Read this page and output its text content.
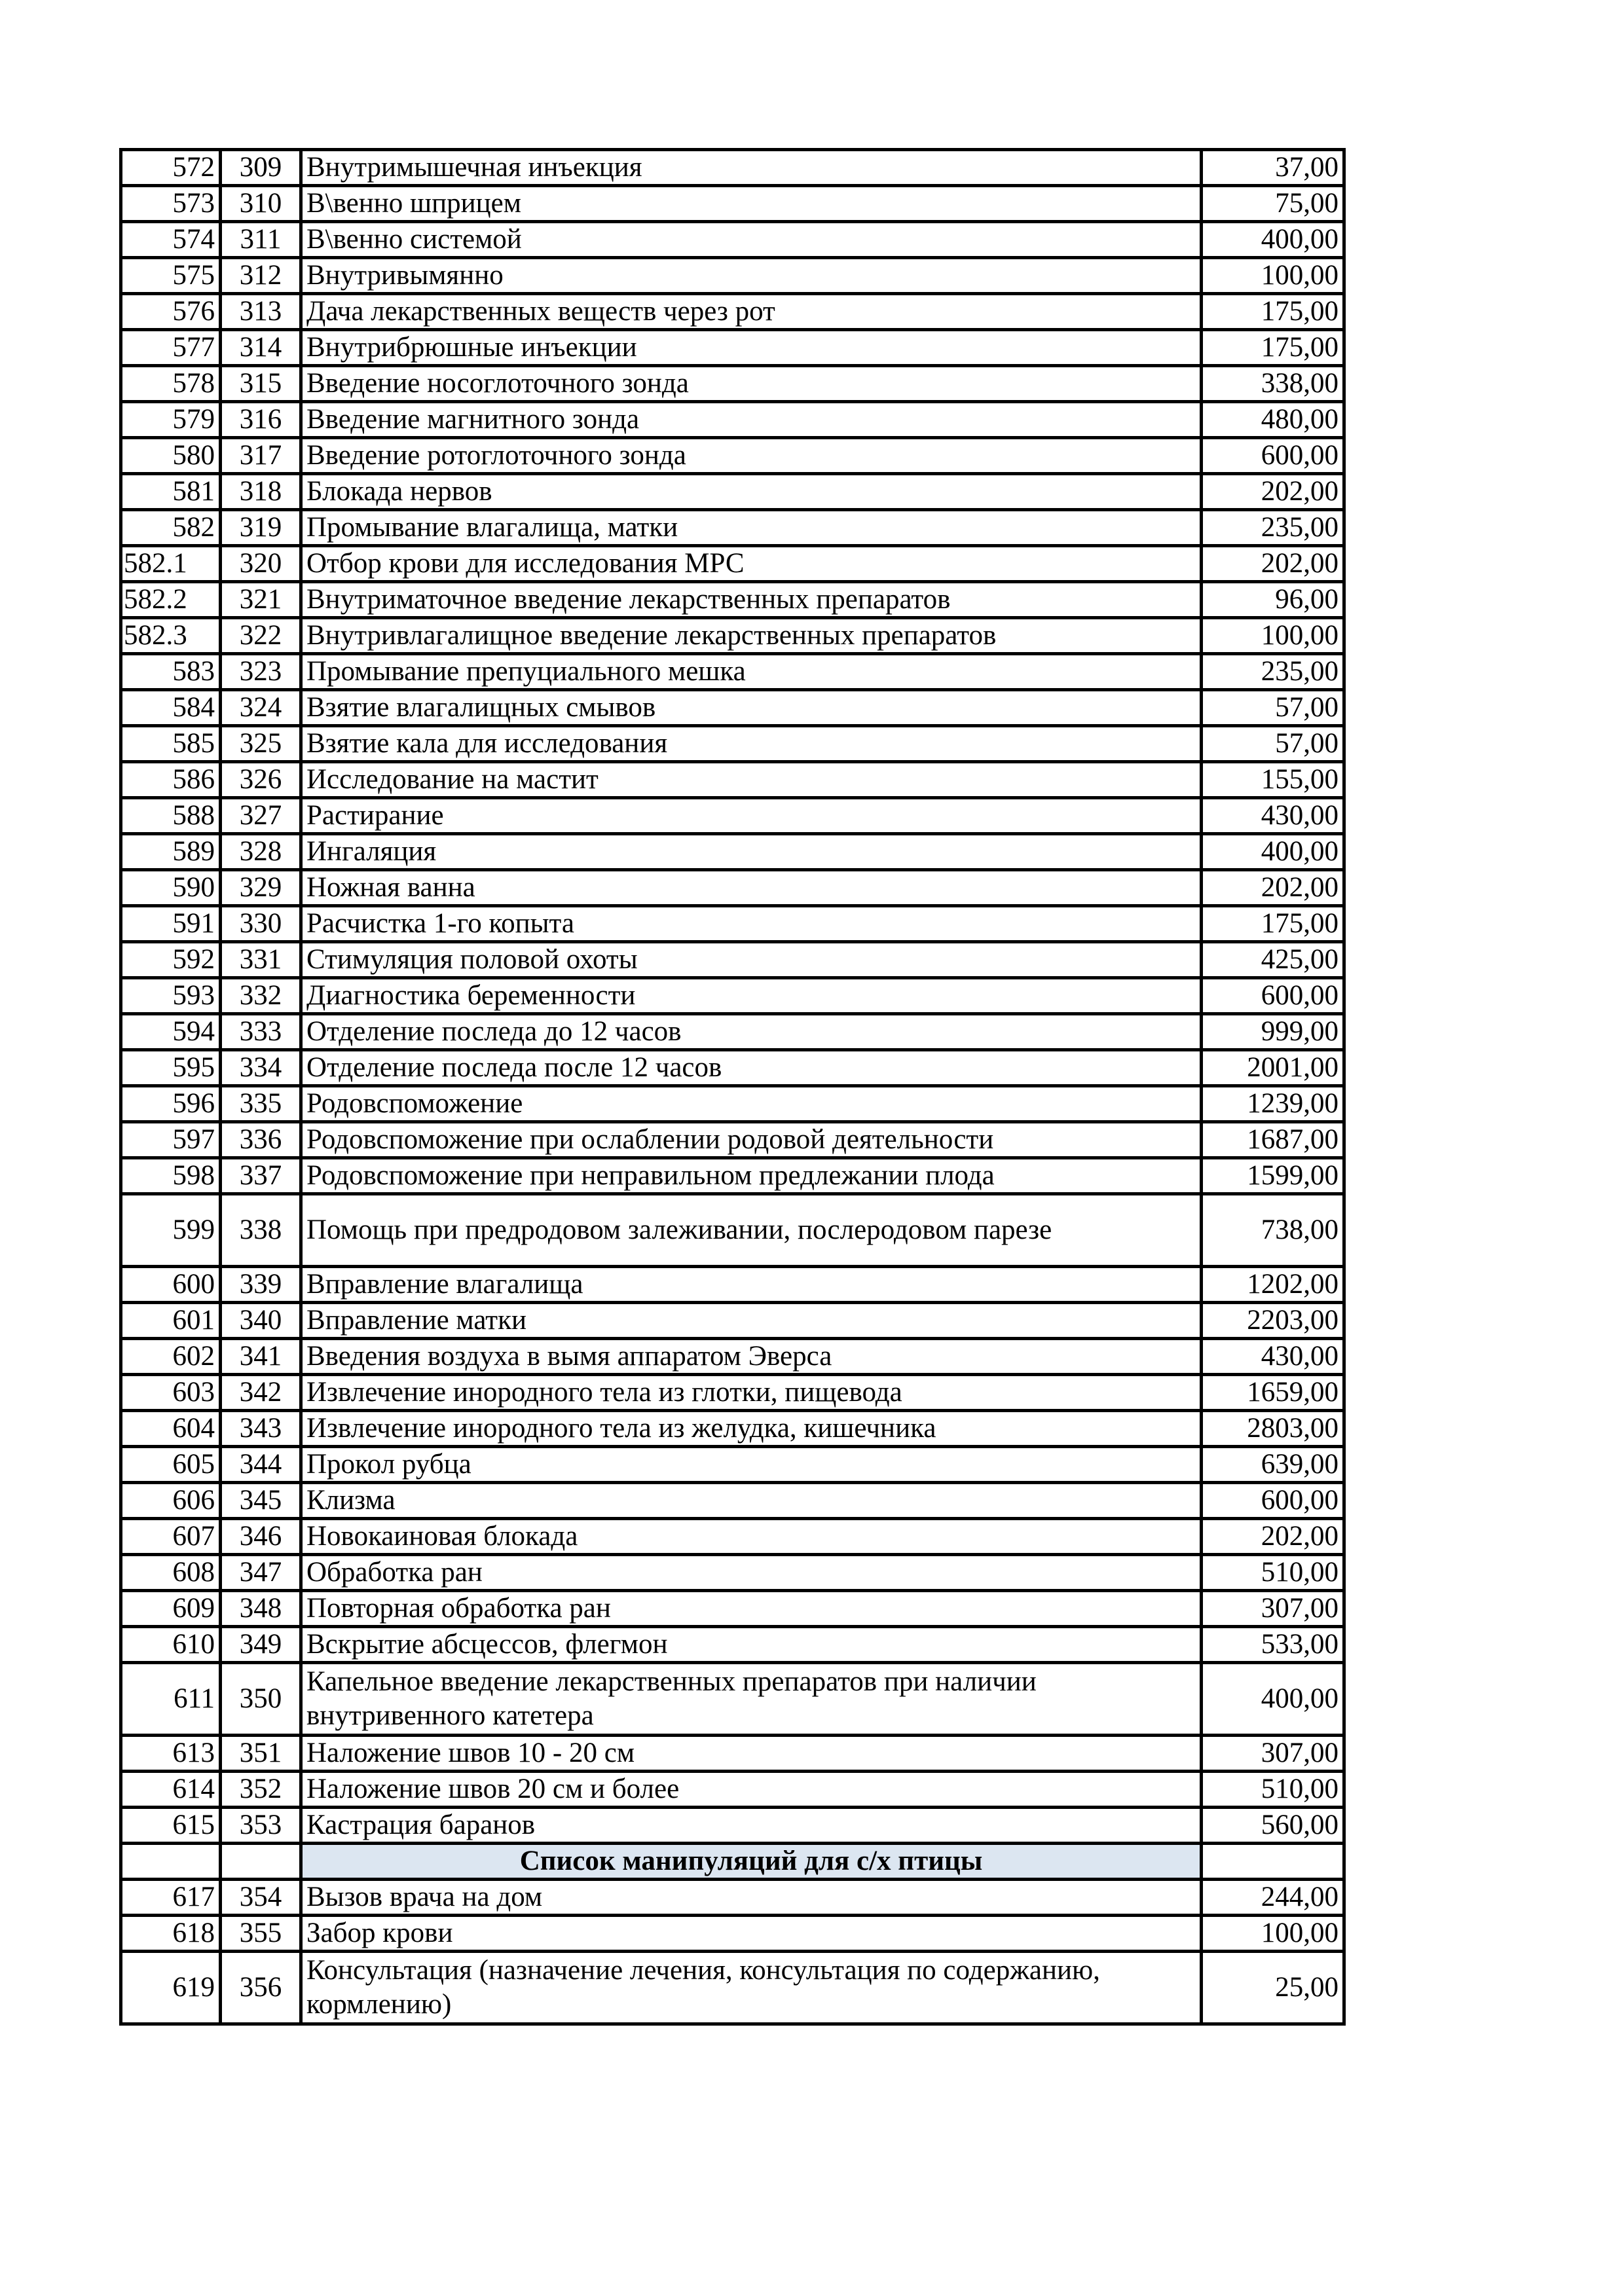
572	309	Внутримышечная инъекция	37,00
573	310	В\венно шприцем	75,00
574	311	В\венно системой	400,00
575	312	Внутривымянно	100,00
576	313	Дача лекарственных веществ через рот	175,00
577	314	Внутрибрюшные инъекции	175,00
578	315	Введение носоглоточного зонда	338,00
579	316	Введение магнитного зонда	480,00
580	317	Введение ротоглоточного зонда	600,00
581	318	Блокада нервов	202,00
582	319	Промывание влагалища, матки	235,00
582.1	320	Отбор крови для исследования МРС	202,00
582.2	321	Внутриматочное введение лекарственных препаратов	96,00
582.3	322	Внутривлагалищное введение лекарственных препаратов	100,00
583	323	Промывание препуциального мешка	235,00
584	324	Взятие влагалищных смывов	57,00
585	325	Взятие кала для исследования	57,00
586	326	Исследование на мастит	155,00
588	327	Растирание	430,00
589	328	Ингаляция	400,00
590	329	Ножная ванна	202,00
591	330	Расчистка 1-го копыта	175,00
592	331	Стимуляция половой охоты	425,00
593	332	Диагностика беременности	600,00
594	333	Отделение последа до 12 часов	999,00
595	334	Отделение последа после 12 часов	2001,00
596	335	Родовспоможение	1239,00
597	336	Родовспоможение при ослаблении родовой деятельности	1687,00
598	337	Родовспоможение при неправильном предлежании плода	1599,00
599	338	Помощь при предродовом залеживании, послеродовом парезе	738,00
600	339	Вправление влагалища	1202,00
601	340	Вправление матки	2203,00
602	341	Введения воздуха в вымя аппаратом Эверса	430,00
603	342	Извлечение инородного тела из глотки, пищевода	1659,00
604	343	Извлечение инородного тела из желудка, кишечника	2803,00
605	344	Прокол рубца	639,00
606	345	Клизма	600,00
607	346	Новокаиновая блокада	202,00
608	347	Обработка ран	510,00
609	348	Повторная обработка ран	307,00
610	349	Вскрытие абсцессов, флегмон	533,00
611	350	Капельное введение лекарственных препаратов при наличии внутривенного катетера	400,00
613	351	Наложение швов 10 - 20 см	307,00
614	352	Наложение швов 20 см и более	510,00
615	353	Кастрация баранов	560,00
		Список манипуляций для с/х птицы	
617	354	Вызов врача на дом	244,00
618	355	Забор крови	100,00
619	356	Консультация (назначение лечения, консультация по содержанию, кормлению)	25,00
